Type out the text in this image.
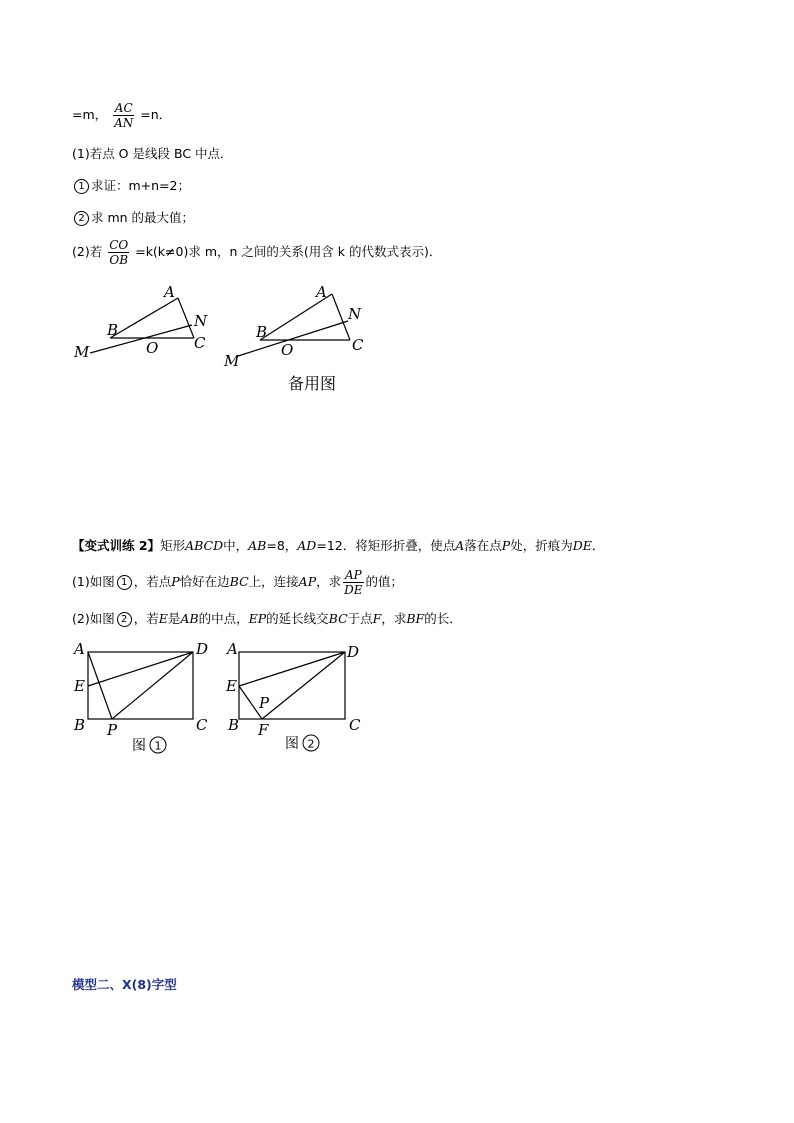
=m， $\frac{AC}{AN} =n$．
(1)若点 O 是线段 BC 中点．
1 求证：m+n=2；
2 求 mn 的最大值；
(2)若 $\frac{CO}{OB} =k(k\ne 0)$求 m，n 之间的关系(用含 k 的代数式表示)．
A
B	N
M	O C
A
B
N
M
O	C
备用图
【变式训练 2】矩形ABCD中，AB=8，AD=12．将矩形折叠，使点A落在点P处，折痕为DE．
(1)如图 1 ，若点P恰好在边BC上，连接AP，求 $\frac{AP}{DE}$ 的值；
(2)如图 2 ，若E是AB的中点，EP的延长线交BC于点F，求BF的长．
A	D
E
B P	C
图 1
A	D
E
P
B F	C
图 2
模型二、X(8)字型
